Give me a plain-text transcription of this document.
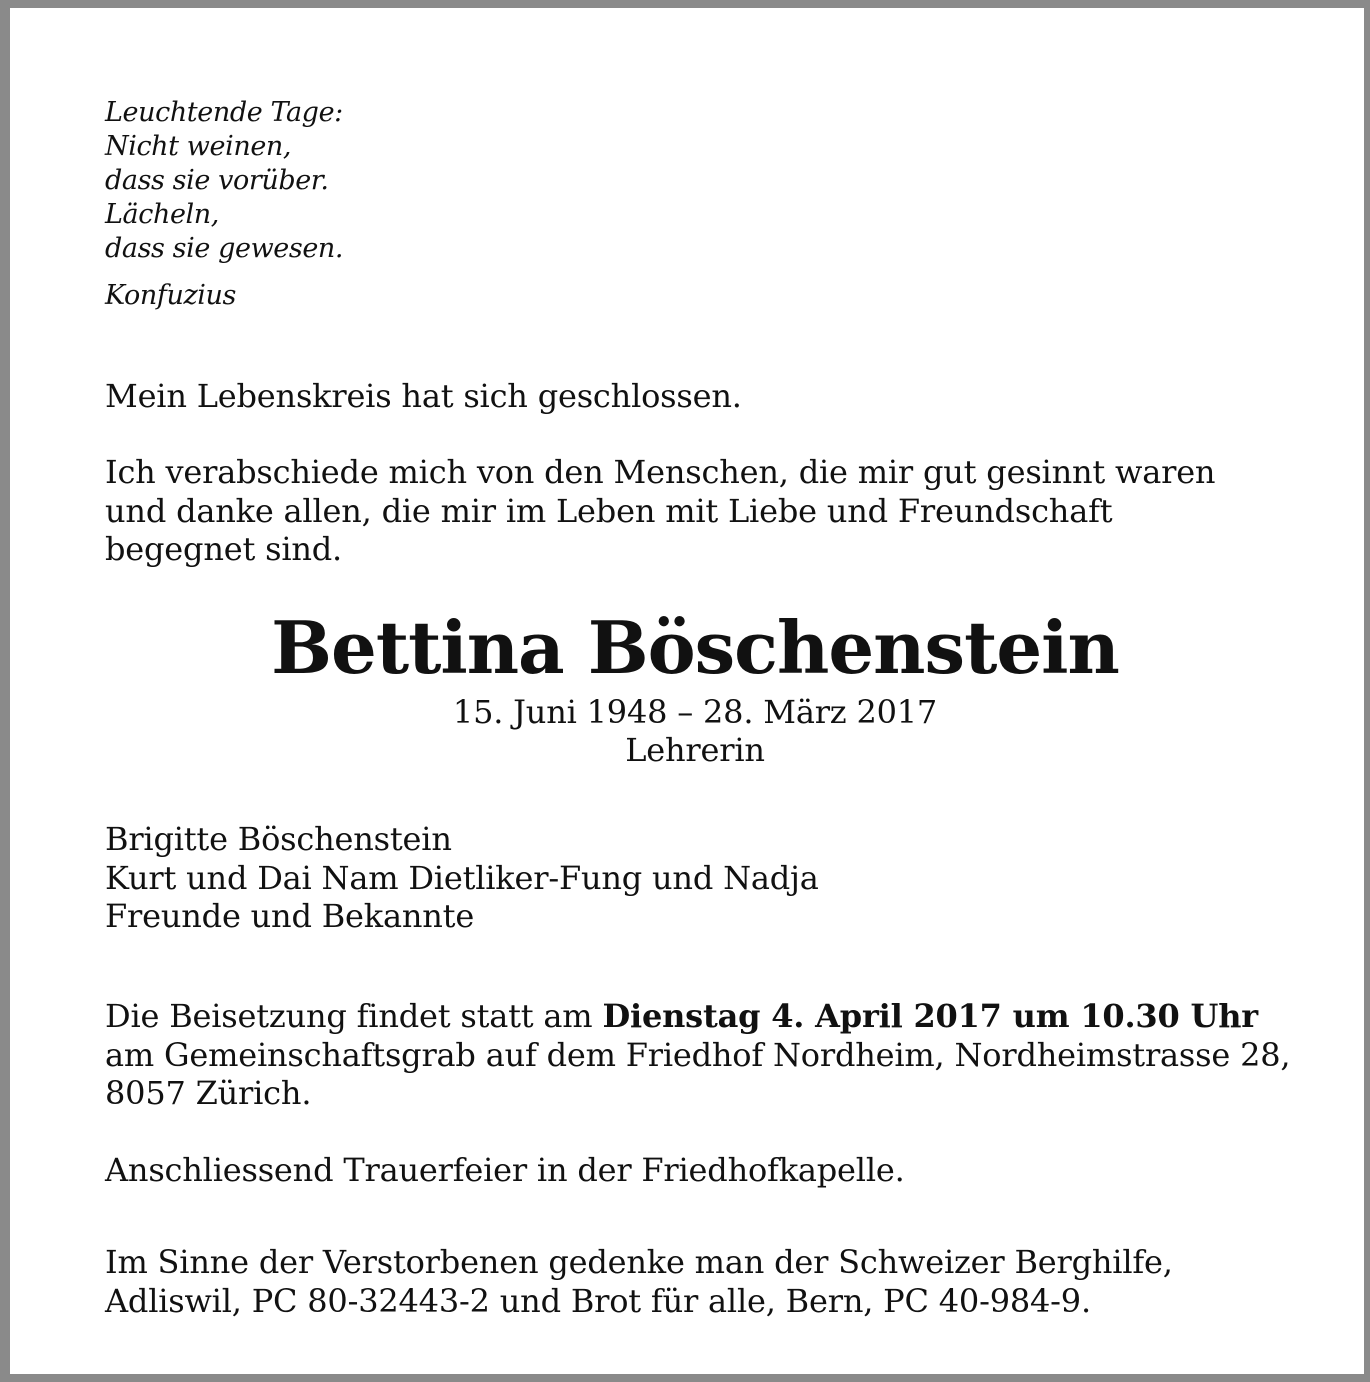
Leuchtende Tage:
Nicht weinen,
dass sie vorüber.
Lächeln,
dass sie gewesen.
Konfuzius
Mein Lebenskreis hat sich geschlossen.
Ich verabschiede mich von den Menschen, die mir gut gesinnt waren
und danke allen, die mir im Leben mit Liebe und Freundschaft
begegnet sind.
Bettina Böschenstein
15. Juni 1948 – 28. März 2017
Lehrerin
Brigitte Böschenstein
Kurt und Dai Nam Dietliker-Fung und Nadja
Freunde und Bekannte
Die Beisetzung findet statt am Dienstag 4. April 2017 um 10.30 Uhr
am Gemeinschaftsgrab auf dem Friedhof Nordheim, Nordheimstrasse 28,
8057 Zürich.
Anschliessend Trauerfeier in der Friedhofkapelle.
Im Sinne der Verstorbenen gedenke man der Schweizer Berghilfe,
Adliswil, PC 80-32443-2 und Brot für alle, Bern, PC 40-984-9.
